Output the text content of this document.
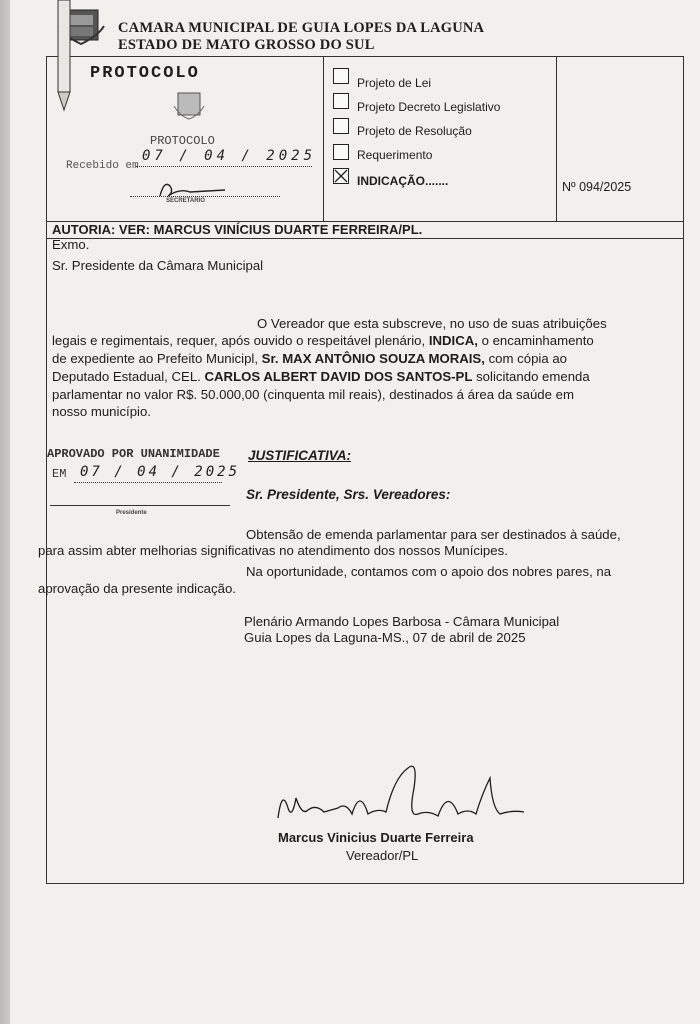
CAMARA MUNICIPAL DE GUIA LOPES DA LAGUNA
ESTADO DE MATO GROSSO DO SUL
PROTOCOLO
PROTOCOLO
Recebido em
07 / 04 / 2025
SECRETARIO
Projeto de Lei
Projeto Decreto Legislativo
Projeto de Resolução
Requerimento
INDICAÇÃO.......	Nº 094/2025
AUTORIA: VER: MARCUS VINÍCIUS DUARTE FERREIRA/PL.
Exmo.
Sr. Presidente da Câmara Municipal
O Vereador que esta subscreve, no uso de suas atribuições
legais e regimentais, requer, após ouvido o respeitável plenário, INDICA, o encaminhamento
de expediente ao Prefeito Municipl, Sr. MAX ANTÔNIO SOUZA MORAIS, com cópia ao
Deputado Estadual, CEL. CARLOS ALBERT DAVID DOS SANTOS-PL solicitando emenda
parlamentar no valor R$. 50.000,00 (cinquenta mil reais), destinados á área da saúde em
nosso município.
APROVADO POR UNANIMIDADE
EM 07 / 04 / 2025
Presidente
JUSTIFICATIVA:
Sr. Presidente, Srs. Vereadores:
Obtensão de emenda parlamentar para ser destinados à saúde,
para assim abter melhorias significativas no atendimento dos nossos Munícipes.
Na oportunidade, contamos com o apoio dos nobres pares, na
aprovação da presente indicação.
Plenário Armando Lopes Barbosa - Câmara Municipal
Guia Lopes da Laguna-MS., 07 de abril de 2025
Marcus Vinicius Duarte Ferreira
Vereador/PL
